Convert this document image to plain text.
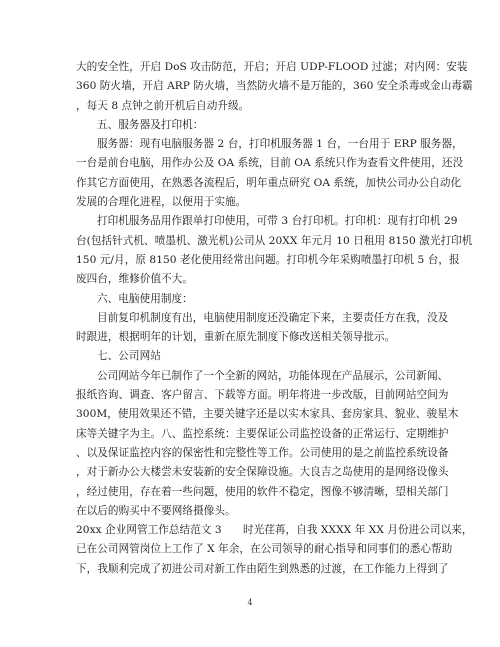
大的安全性，开启 DoS 攻击防范，开启；开启 UDP-FLOOD 过滤；对内网：安装
360 防火墙，开启 ARP 防火墙，当然防火墙不是万能的，360 安全杀毒或金山毒霸
，每天 8 点钟之前开机后自动升级。
五、服务器及打印机：
服务器：现有电脑服务器 2 台，打印机服务器 1 台，一台用于 ERP 服务器，
一台是前台电脑，用作办公及 OA 系统，目前 OA 系统只作为查看文件使用，还没
作其它方面使用，在熟悉各流程后，明年重点研究 OA 系统，加快公司办公自动化
发展的合理化进程，以便用于实施。
打印机服务品用作跟单打印使用，可带 3 台打印机。打印机：现有打印机 29
台(包括针式机、喷墨机、激光机)公司从 20XX 年元月 10 日租用 8150 激光打印机
150 元/月，原 8150 老化使用经常出问题。打印机今年采购喷墨打印机 5 台，报
废四台，维修价值不大。
六、电脑使用制度：
目前复印机制度有出，电脑使用制度还没确定下来，主要责任方在我，没及
时跟进，根据明年的计划，重新在原先制度下修改送相关领导批示。
七、公司网站
公司网站今年已制作了一个全新的网站，功能体现在产品展示，公司新闻、
报纸咨询、调查、客户留言、下载等方面。明年将进一步改版，目前网站空间为
300M，使用效果还不错，主要关键字还是以实木家具、套房家具、貌业、骏星木
床等关键字为主。八、监控系统：主要保证公司监控设备的正常运行、定期维护
、以及保证监控内容的保密性和完整性等工作。公司使用的是之前监控系统设备
，对于新办公大楼尝未安装新的安全保障设施。大良吉之岛使用的是网络设像头
，经过使用，存在着一些问题，使用的软件不稳定，图像不够清晰，望相关部门
在以后的购买中不要网络摄像头。
20xx 企业网管工作总结范文 3　　时光荏苒，自我 XXXX 年 XX 月份进公司以来，
已在公司网管岗位上工作了 X 年余，在公司领导的耐心指导和同事们的悉心帮助
下，我顺利完成了初进公司对新工作由陌生到熟悉的过渡，在工作能力上得到了
4
